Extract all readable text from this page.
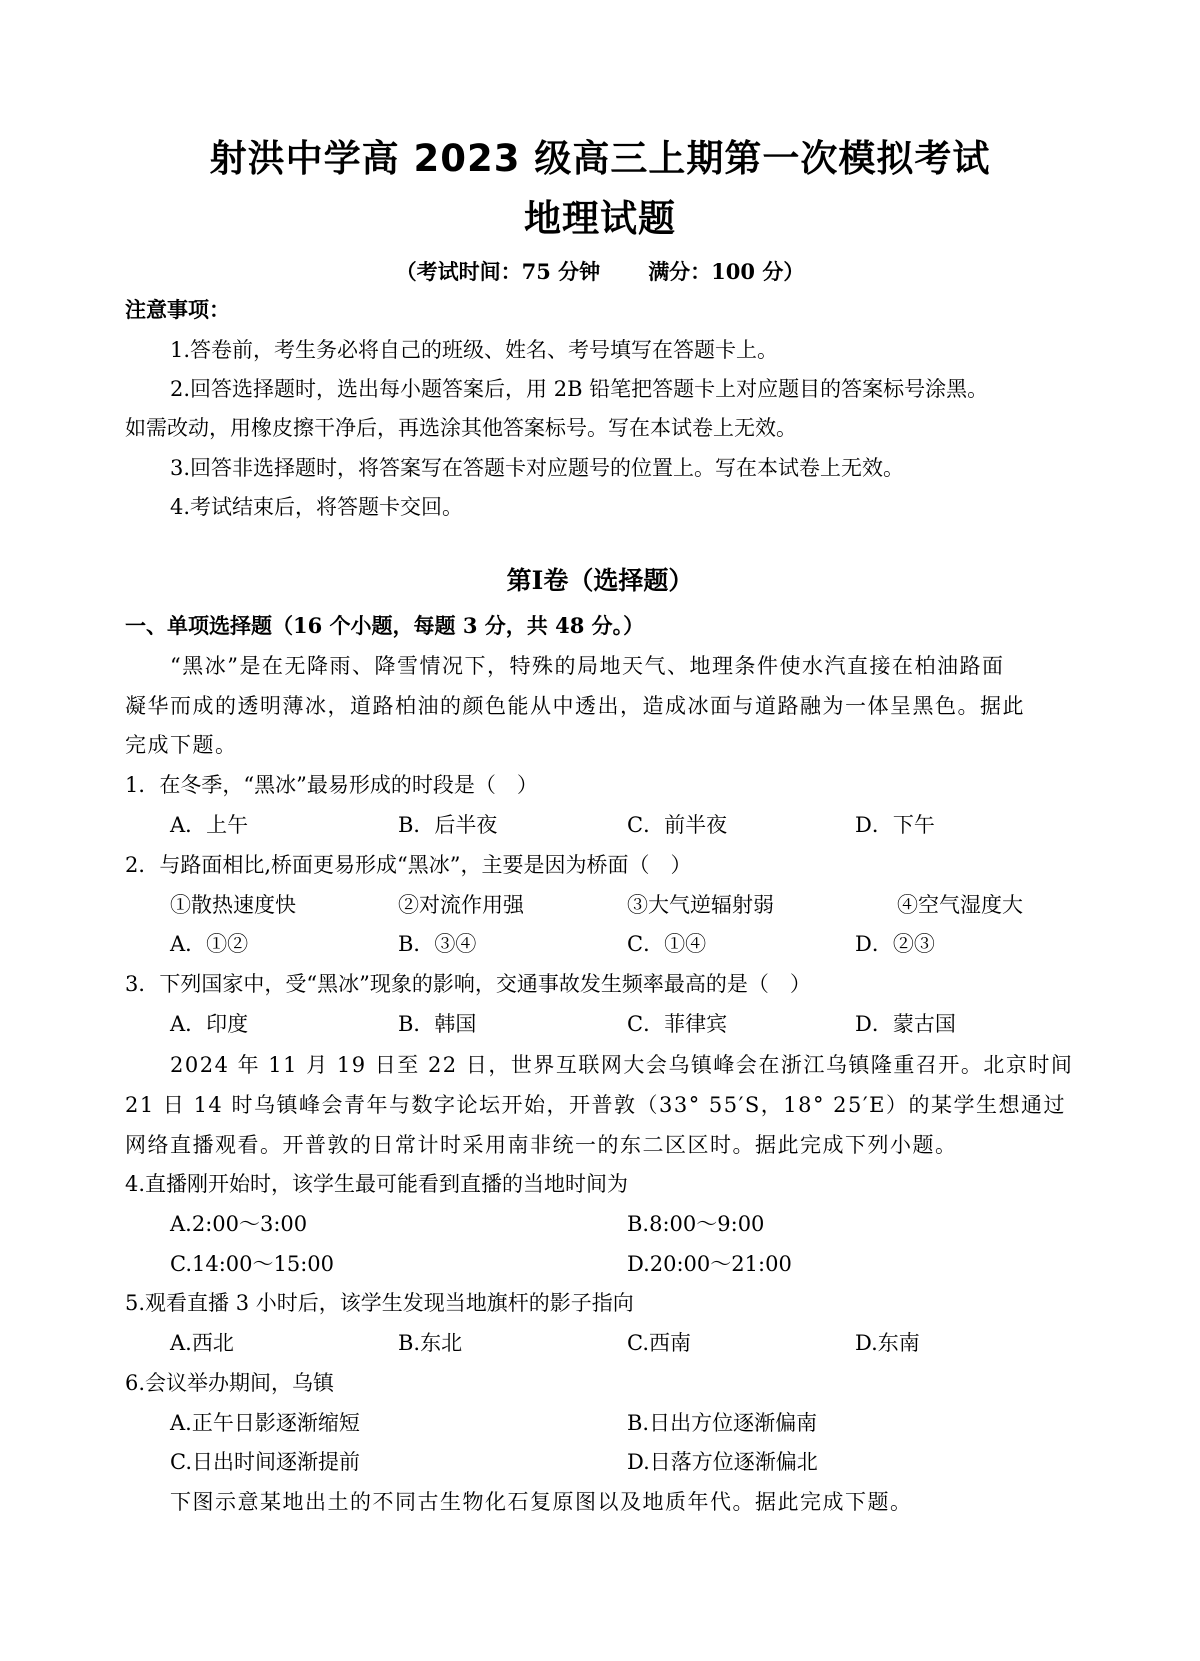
射洪中学高 2023 级高三上期第一次模拟考试
地理试题
（考试时间：75 分钟 满分：100 分）
注意事项：
1.答卷前，考生务必将自己的班级、姓名、考号填写在答题卡上。
2.回答选择题时，选出每小题答案后，用 2B 铅笔把答题卡上对应题目的答案标号涂黑。
如需改动，用橡皮擦干净后，再选涂其他答案标号。写在本试卷上无效。
3.回答非选择题时，将答案写在答题卡对应题号的位置上。写在本试卷上无效。
4.考试结束后，将答题卡交回。
第I卷（选择题）
一、单项选择题（16 个小题，每题 3 分，共 48 分。）
“黑冰”是在无降雨、降雪情况下，特殊的局地天气、地理条件使水汽直接在柏油路面
凝华而成的透明薄冰，道路柏油的颜色能从中透出，造成冰面与道路融为一体呈黑色。据此
完成下题。
1．在冬季，“黑冰”最易形成的时段是（　）
A．上午	B．后半夜	C．前半夜	D．下午
2．与路面相比,桥面更易形成“黑冰”，主要是因为桥面（　）
①散热速度快	②对流作用强	③大气逆辐射弱	④空气湿度大
A．①②	B．③④	C．①④	D．②③
3．下列国家中，受“黑冰”现象的影响，交通事故发生频率最高的是（　）
A．印度	B．韩国	C．菲律宾	D．蒙古国
2024 年 11 月 19 日至 22 日，世界互联网大会乌镇峰会在浙江乌镇隆重召开。北京时间
21 日 14 时乌镇峰会青年与数字论坛开始，开普敦（33° 55′S，18° 25′E）的某学生想通过
网络直播观看。开普敦的日常计时采用南非统一的东二区区时。据此完成下列小题。
4.直播刚开始时，该学生最可能看到直播的当地时间为
A.2:00～3:00	B.8:00～9:00
C.14:00～15:00	D.20:00～21:00
5.观看直播 3 小时后，该学生发现当地旗杆的影子指向
A.西北	B.东北	C.西南	D.东南
6.会议举办期间，乌镇
A.正午日影逐渐缩短	B.日出方位逐渐偏南
C.日出时间逐渐提前	D.日落方位逐渐偏北
下图示意某地出土的不同古生物化石复原图以及地质年代。据此完成下题。
